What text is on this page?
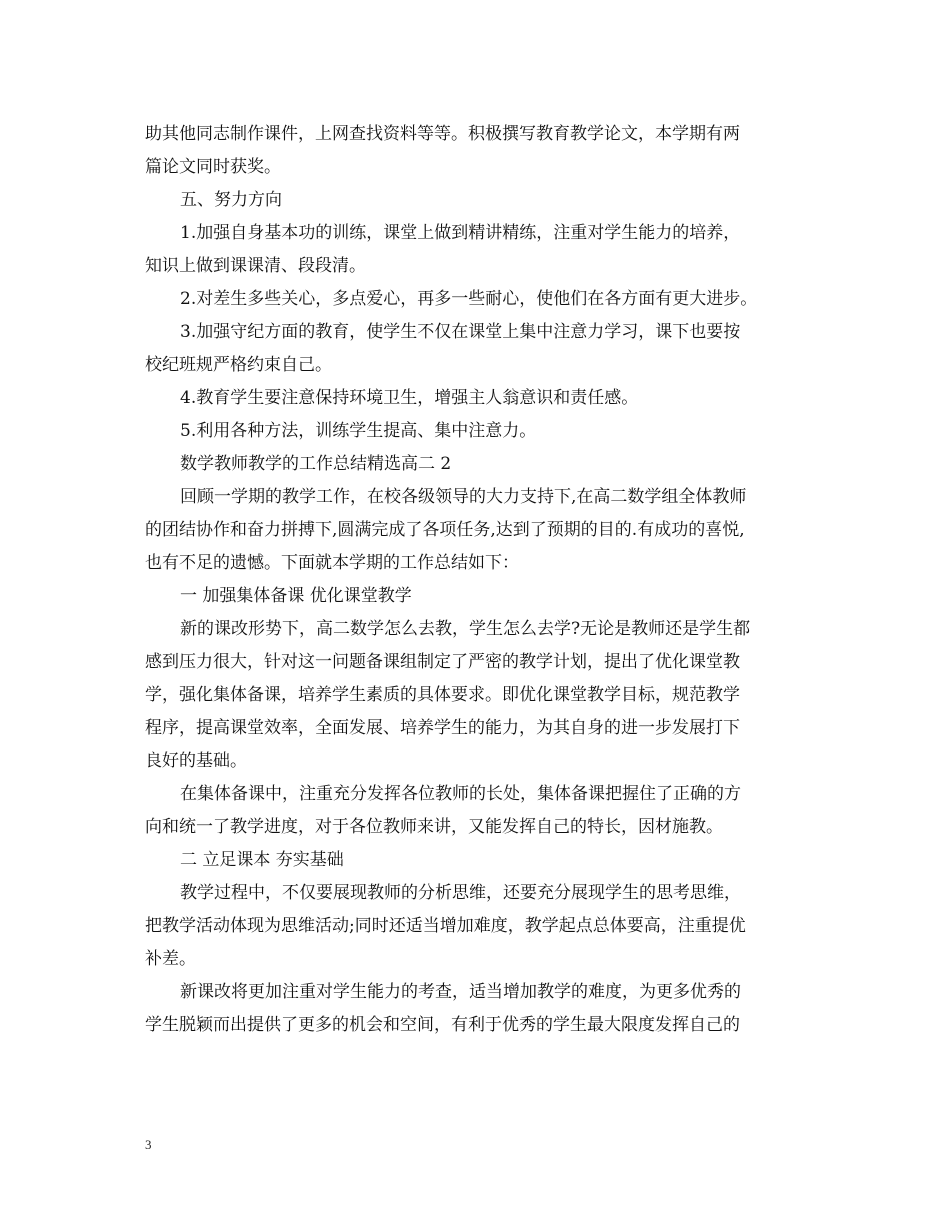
助其他同志制作课件，上网查找资料等等。积极撰写教育教学论文，本学期有两
篇论文同时获奖。
五、努力方向
1.加强自身基本功的训练，课堂上做到精讲精练，注重对学生能力的培养，
知识上做到课课清、段段清。
2.对差生多些关心，多点爱心，再多一些耐心，使他们在各方面有更大进步。
3.加强守纪方面的教育，使学生不仅在课堂上集中注意力学习，课下也要按
校纪班规严格约束自己。
4.教育学生要注意保持环境卫生，增强主人翁意识和责任感。
5.利用各种方法，训练学生提高、集中注意力。
数学教师教学的工作总结精选高二 2
回顾一学期的教学工作，在校各级领导的大力支持下,在高二数学组全体教师
的团结协作和奋力拼搏下,圆满完成了各项任务,达到了预期的目的.有成功的喜悦,
也有不足的遗憾。下面就本学期的工作总结如下：
一 加强集体备课 优化课堂教学
新的课改形势下，高二数学怎么去教，学生怎么去学?无论是教师还是学生都
感到压力很大，针对这一问题备课组制定了严密的教学计划，提出了优化课堂教
学，强化集体备课，培养学生素质的具体要求。即优化课堂教学目标，规范教学
程序，提高课堂效率，全面发展、培养学生的能力，为其自身的进一步发展打下
良好的基础。
在集体备课中，注重充分发挥各位教师的长处，集体备课把握住了正确的方
向和统一了教学进度，对于各位教师来讲，又能发挥自己的特长，因材施教。
二 立足课本 夯实基础
教学过程中，不仅要展现教师的分析思维，还要充分展现学生的思考思维，
把教学活动体现为思维活动;同时还适当增加难度，教学起点总体要高，注重提优
补差。
新课改将更加注重对学生能力的考查，适当增加教学的难度，为更多优秀的
学生脱颖而出提供了更多的机会和空间，有利于优秀的学生最大限度发挥自己的
3
